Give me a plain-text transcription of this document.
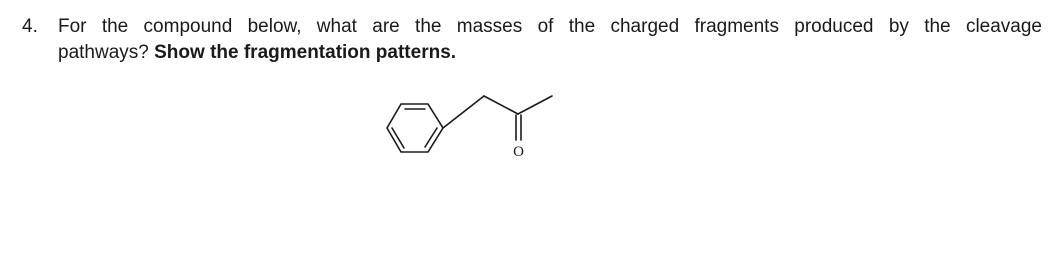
4. For the compound below, what are the masses of the charged fragments produced by the cleavage
pathways? Show the fragmentation patterns.
O
